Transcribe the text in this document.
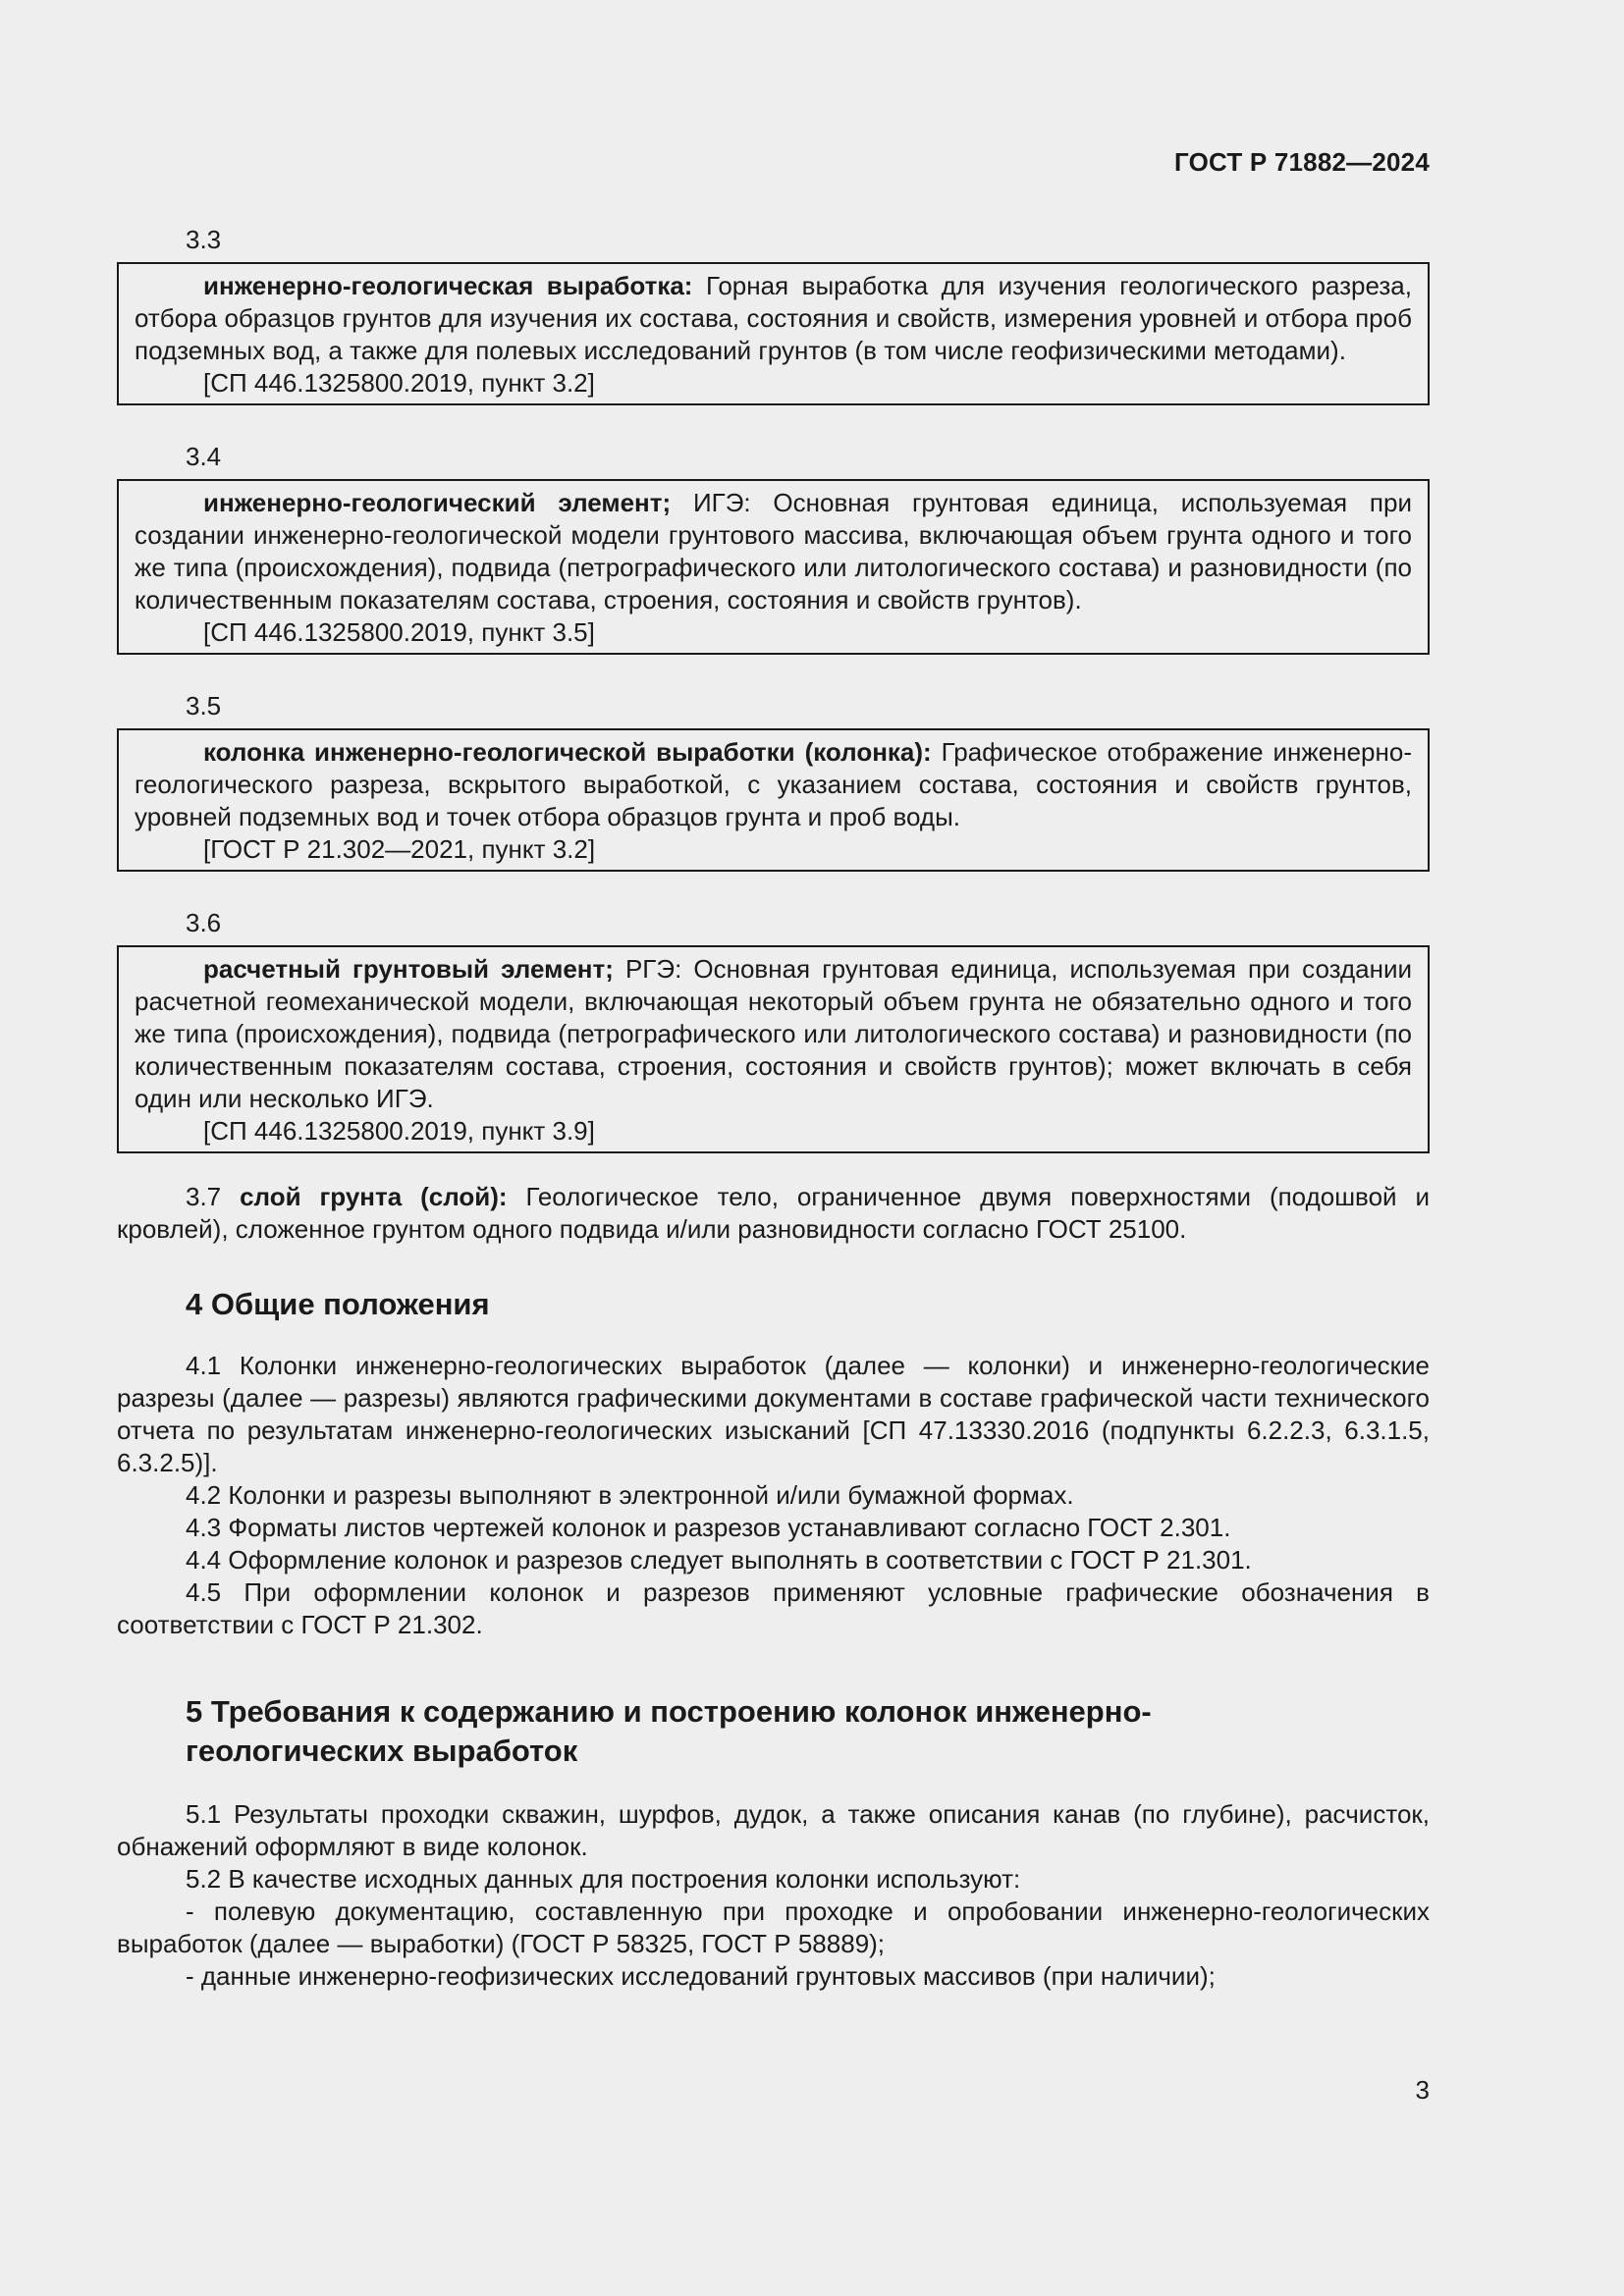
ГОСТ Р 71882—2024
3.3

инженерно-геологическая выработка: Горная выработка для изучения геологического разреза, отбора образцов грунтов для изучения их состава, состояния и свойств, измерения уровней и отбора проб подземных вод, а также для полевых исследований грунтов (в том числе геофизическими методами).

[СП 446.1325800.2019, пункт 3.2]

3.4

инженерно-геологический элемент; ИГЭ: Основная грунтовая единица, используемая при создании инженерно-геологической модели грунтового массива, включающая объем грунта одного и того же типа (происхождения), подвида (петрографического или литологического состава) и разновидности (по количественным показателям состава, строения, состояния и свойств грунтов).

[СП 446.1325800.2019, пункт 3.5]

3.5

колонка инженерно-геологической выработки (колонка): Графическое отображение инженерно-геологического разреза, вскрытого выработкой, с указанием состава, состояния и свойств грунтов, уровней подземных вод и точек отбора образцов грунта и проб воды.

[ГОСТ Р 21.302—2021, пункт 3.2]

3.6

расчетный грунтовый элемент; РГЭ: Основная грунтовая единица, используемая при создании расчетной геомеханической модели, включающая некоторый объем грунта не обязательно одного и того же типа (происхождения), подвида (петрографического или литологического состава) и разновидности (по количественным показателям состава, строения, состояния и свойств грунтов); может включать в себя один или несколько ИГЭ.

[СП 446.1325800.2019, пункт 3.9]

3.7 слой грунта (слой): Геологическое тело, ограниченное двумя поверхностями (подошвой и кровлей), сложенное грунтом одного подвида и/или разновидности согласно ГОСТ 25100.

4 Общие положения

4.1 Колонки инженерно-геологических выработок (далее — колонки) и инженерно-геологические разрезы (далее — разрезы) являются графическими документами в составе графической части технического отчета по результатам инженерно-геологических изысканий [СП 47.13330.2016 (подпункты 6.2.2.3, 6.3.1.5, 6.3.2.5)].

4.2 Колонки и разрезы выполняют в электронной и/или бумажной формах.

4.3 Форматы листов чертежей колонок и разрезов устанавливают согласно ГОСТ 2.301.

4.4 Оформление колонок и разрезов следует выполнять в соответствии с ГОСТ Р 21.301.

4.5 При оформлении колонок и разрезов применяют условные графические обозначения в соответствии с ГОСТ Р 21.302.

5 Требования к содержанию и построению колонок инженерно-
геологических выработок

5.1 Результаты проходки скважин, шурфов, дудок, а также описания канав (по глубине), расчисток, обнажений оформляют в виде колонок.

5.2 В качестве исходных данных для построения колонки используют:

- полевую документацию, составленную при проходке и опробовании инженерно-геологических выработок (далее — выработки) (ГОСТ Р 58325, ГОСТ Р 58889);

- данные инженерно-геофизических исследований грунтовых массивов (при наличии);

3
